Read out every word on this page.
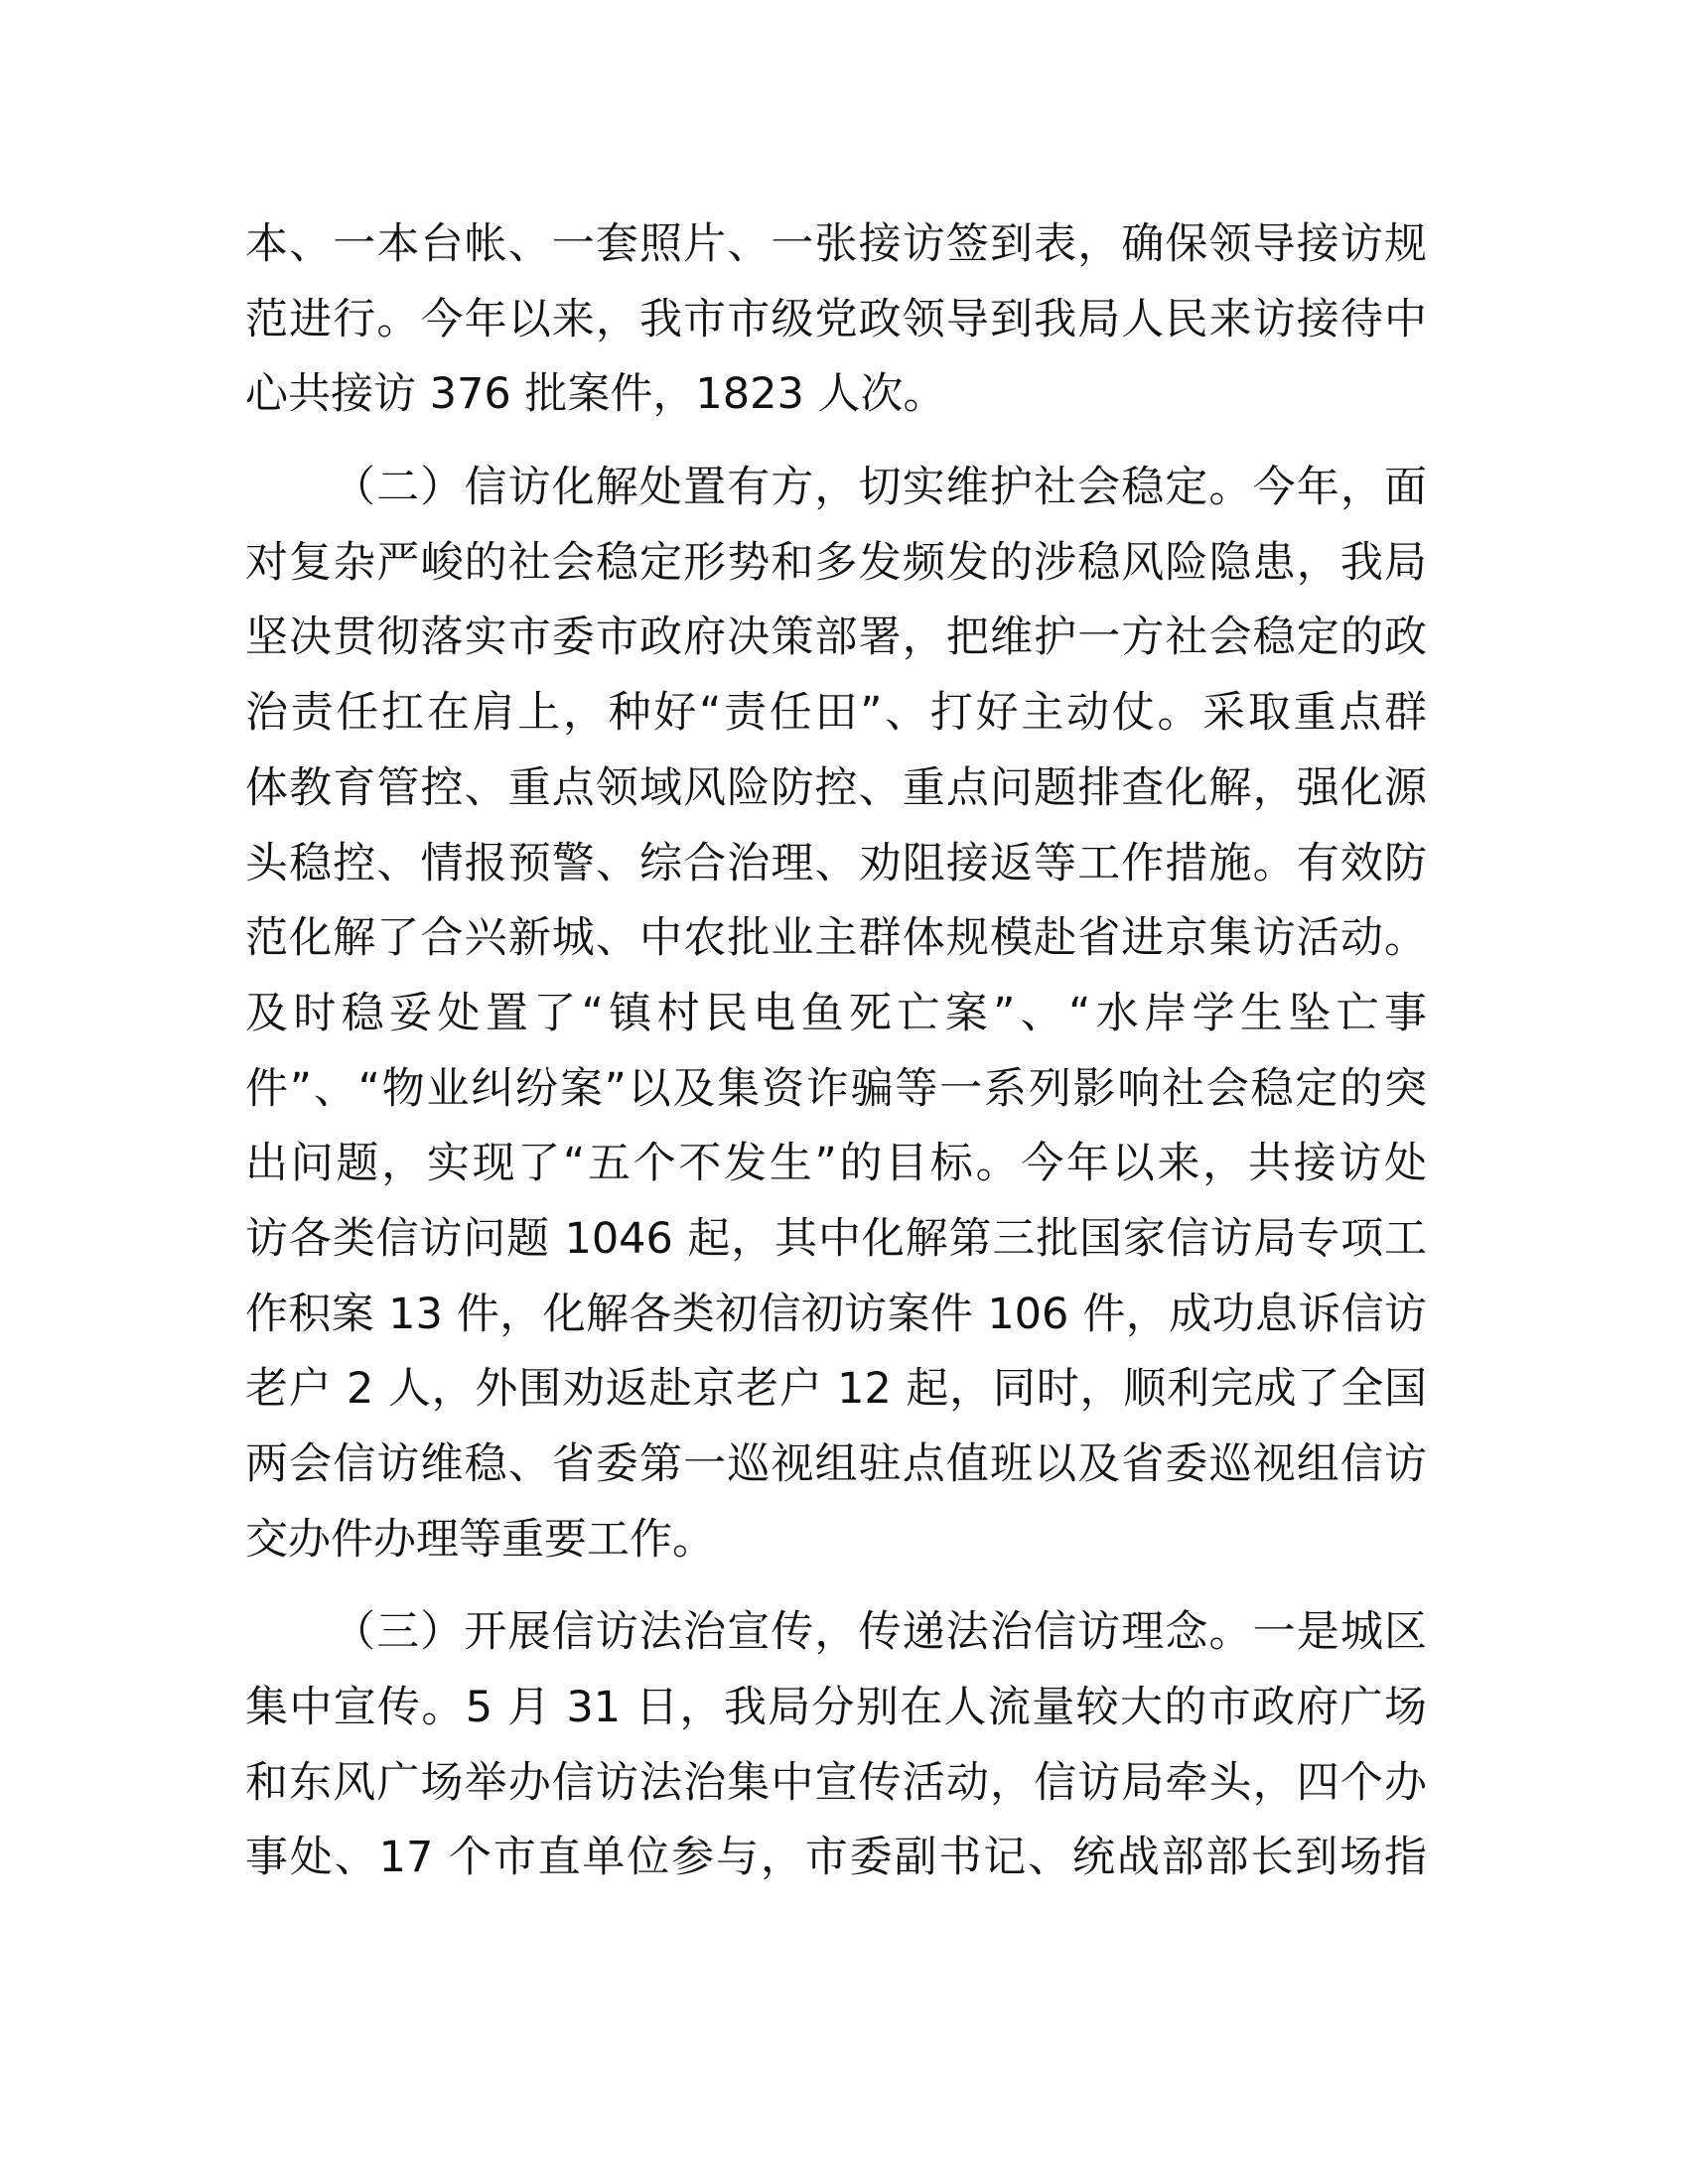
本、一本台帐、一套照片、一张接访签到表，确保领导接访规
范进行。今年以来，我市市级党政领导到我局人民来访接待中
心共接访 376 批案件，1823 人次。
（二）信访化解处置有方，切实维护社会稳定。今年，面
对复杂严峻的社会稳定形势和多发频发的涉稳风险隐患，我局
坚决贯彻落实市委市政府决策部署，把维护一方社会稳定的政
治责任扛在肩上，种好“责任田”、打好主动仗。采取重点群
体教育管控、重点领域风险防控、重点问题排查化解，强化源
头稳控、情报预警、综合治理、劝阻接返等工作措施。有效防
范化解了合兴新城、中农批业主群体规模赴省进京集访活动。
及时稳妥处置了“镇村民电鱼死亡案”、“水岸学生坠亡事
件”、“物业纠纷案”以及集资诈骗等一系列影响社会稳定的突
出问题，实现了“五个不发生”的目标。今年以来，共接访处
访各类信访问题 1046 起，其中化解第三批国家信访局专项工
作积案 13 件，化解各类初信初访案件 106 件，成功息诉信访
老户 2 人，外围劝返赴京老户 12 起，同时，顺利完成了全国
两会信访维稳、省委第一巡视组驻点值班以及省委巡视组信访
交办件办理等重要工作。
（三）开展信访法治宣传，传递法治信访理念。一是城区
集中宣传。5 月 31 日，我局分别在人流量较大的市政府广场
和东风广场举办信访法治集中宣传活动，信访局牵头，四个办
事处、17 个市直单位参与，市委副书记、统战部部长到场指
